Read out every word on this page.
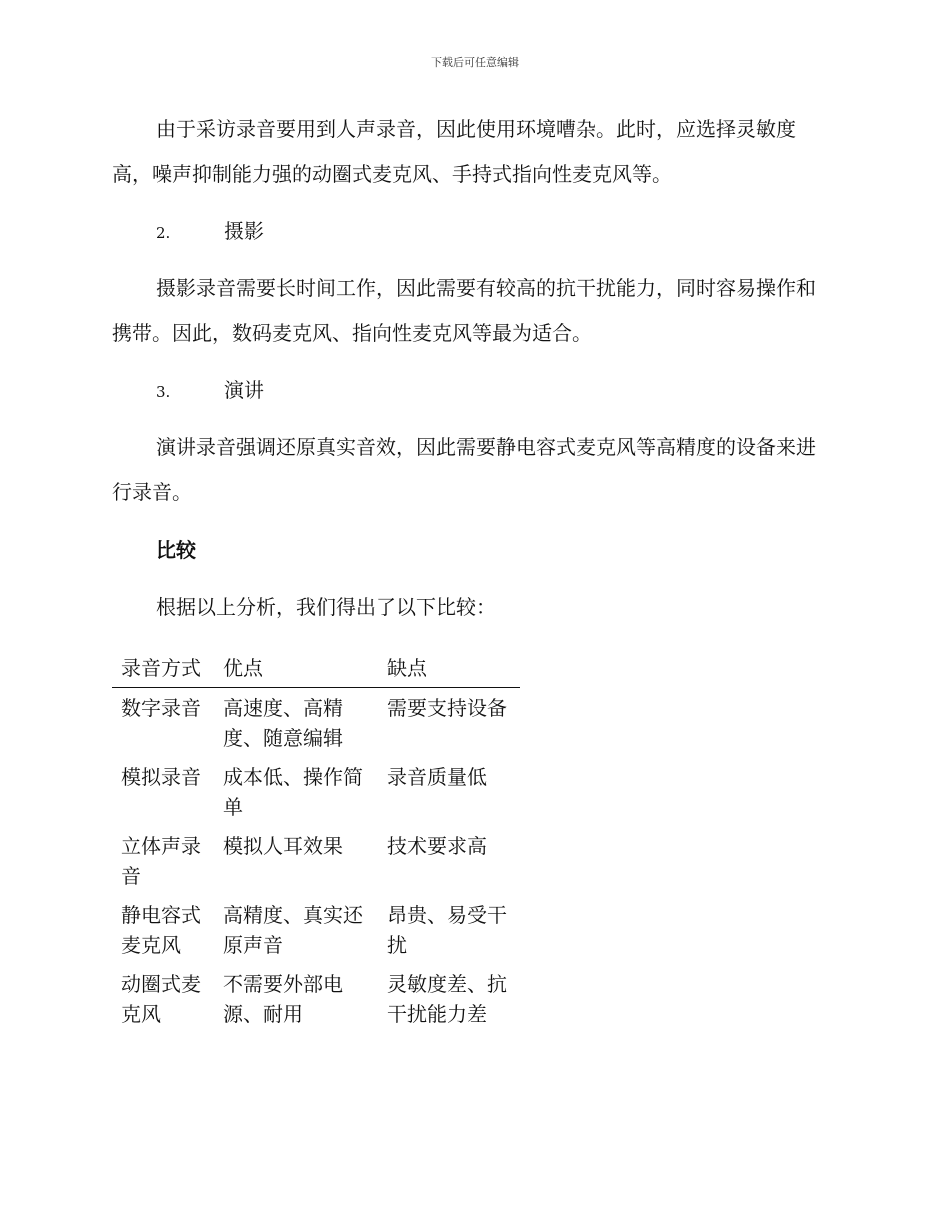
下载后可任意编辑

由于采访录音要用到人声录音，因此使用环境嘈杂。此时，应选择灵敏度高，噪声抑制能力强的动圈式麦克风、手持式指向性麦克风等。

2.	摄影

摄影录音需要长时间工作，因此需要有较高的抗干扰能力，同时容易操作和携带。因此，数码麦克风、指向性麦克风等最为适合。

3.	演讲

演讲录音强调还原真实音效，因此需要静电容式麦克风等高精度的设备来进行录音。

比较

根据以上分析，我们得出了以下比较：

录音方式	优点	缺点
数字录音	高速度、高精度、随意编辑	需要支持设备
模拟录音	成本低、操作简单	录音质量低
立体声录音	模拟人耳效果	技术要求高
静电容式麦克风	高精度、真实还原声音	昂贵、易受干扰
动圈式麦克风	不需要外部电源、耐用	灵敏度差、抗干扰能力差
